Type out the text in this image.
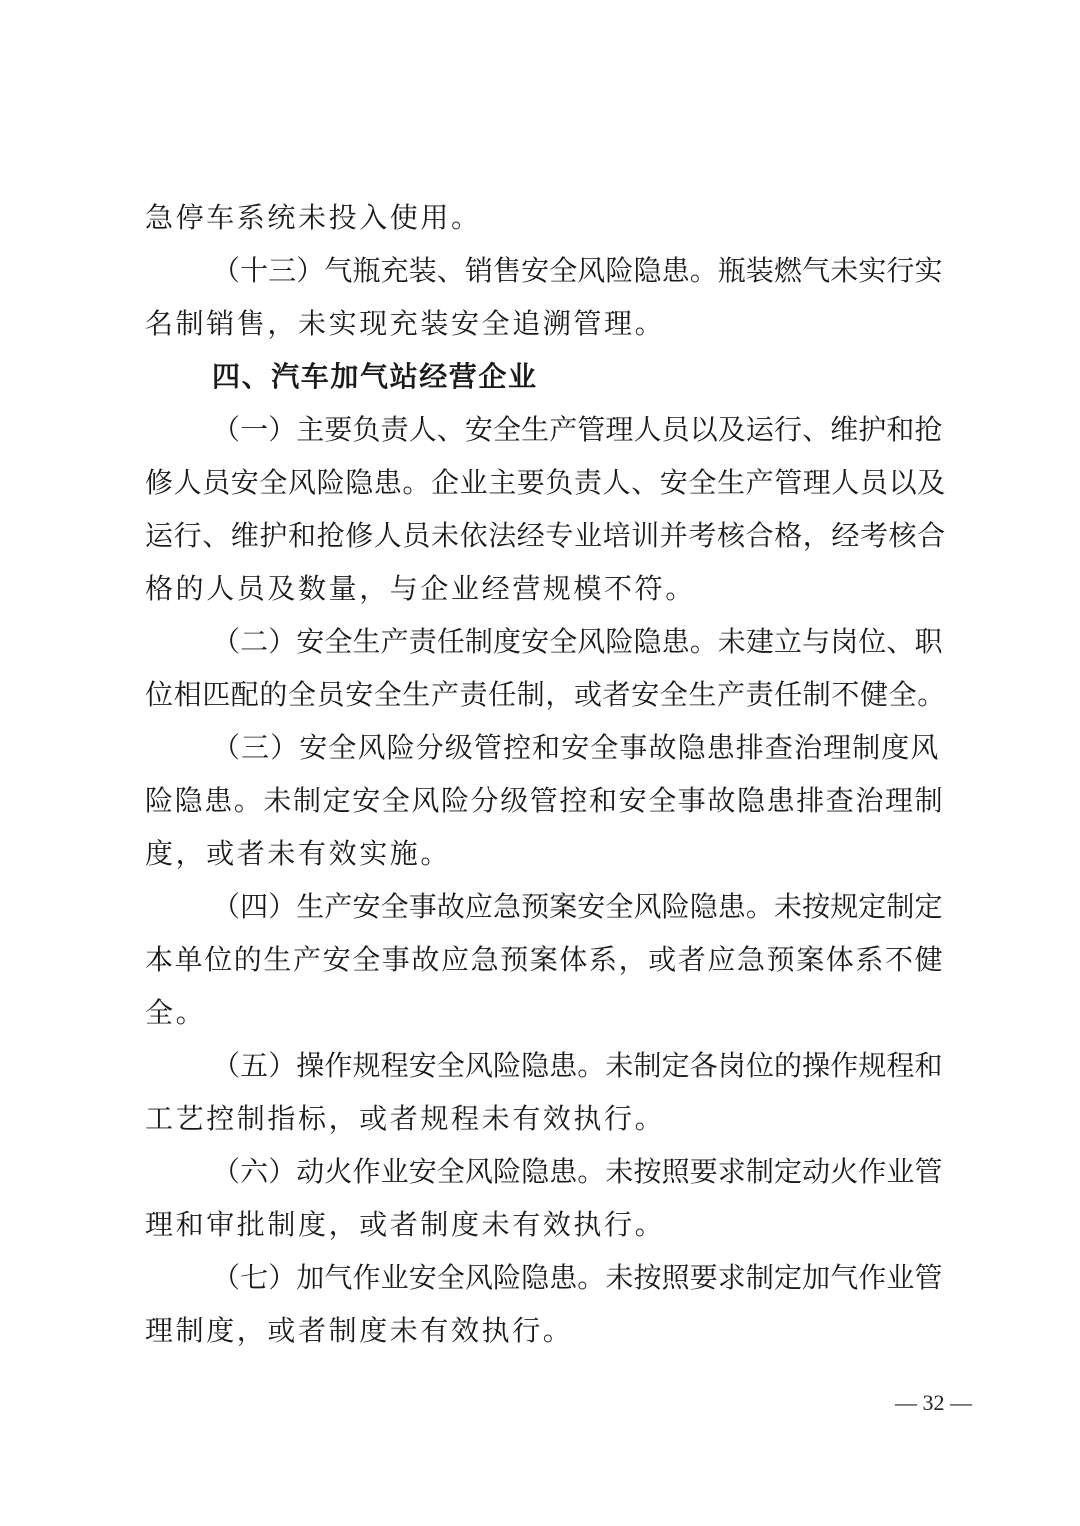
急停车系统未投入使用。
（十三）气瓶充装、销售安全风险隐患。瓶装燃气未实行实
名制销售，未实现充装安全追溯管理。
四、汽车加气站经营企业
（一）主要负责人、安全生产管理人员以及运行、维护和抢
修人员安全风险隐患。企业主要负责人、安全生产管理人员以及
运行、维护和抢修人员未依法经专业培训并考核合格，经考核合
格的人员及数量，与企业经营规模不符。
（二）安全生产责任制度安全风险隐患。未建立与岗位、职
位相匹配的全员安全生产责任制，或者安全生产责任制不健全。
（三）安全风险分级管控和安全事故隐患排查治理制度风
险隐患。未制定安全风险分级管控和安全事故隐患排查治理制
度，或者未有效实施。
（四）生产安全事故应急预案安全风险隐患。未按规定制定
本单位的生产安全事故应急预案体系，或者应急预案体系不健
全。
（五）操作规程安全风险隐患。未制定各岗位的操作规程和
工艺控制指标，或者规程未有效执行。
（六）动火作业安全风险隐患。未按照要求制定动火作业管
理和审批制度，或者制度未有效执行。
（七）加气作业安全风险隐患。未按照要求制定加气作业管
理制度，或者制度未有效执行。
— 32 —
